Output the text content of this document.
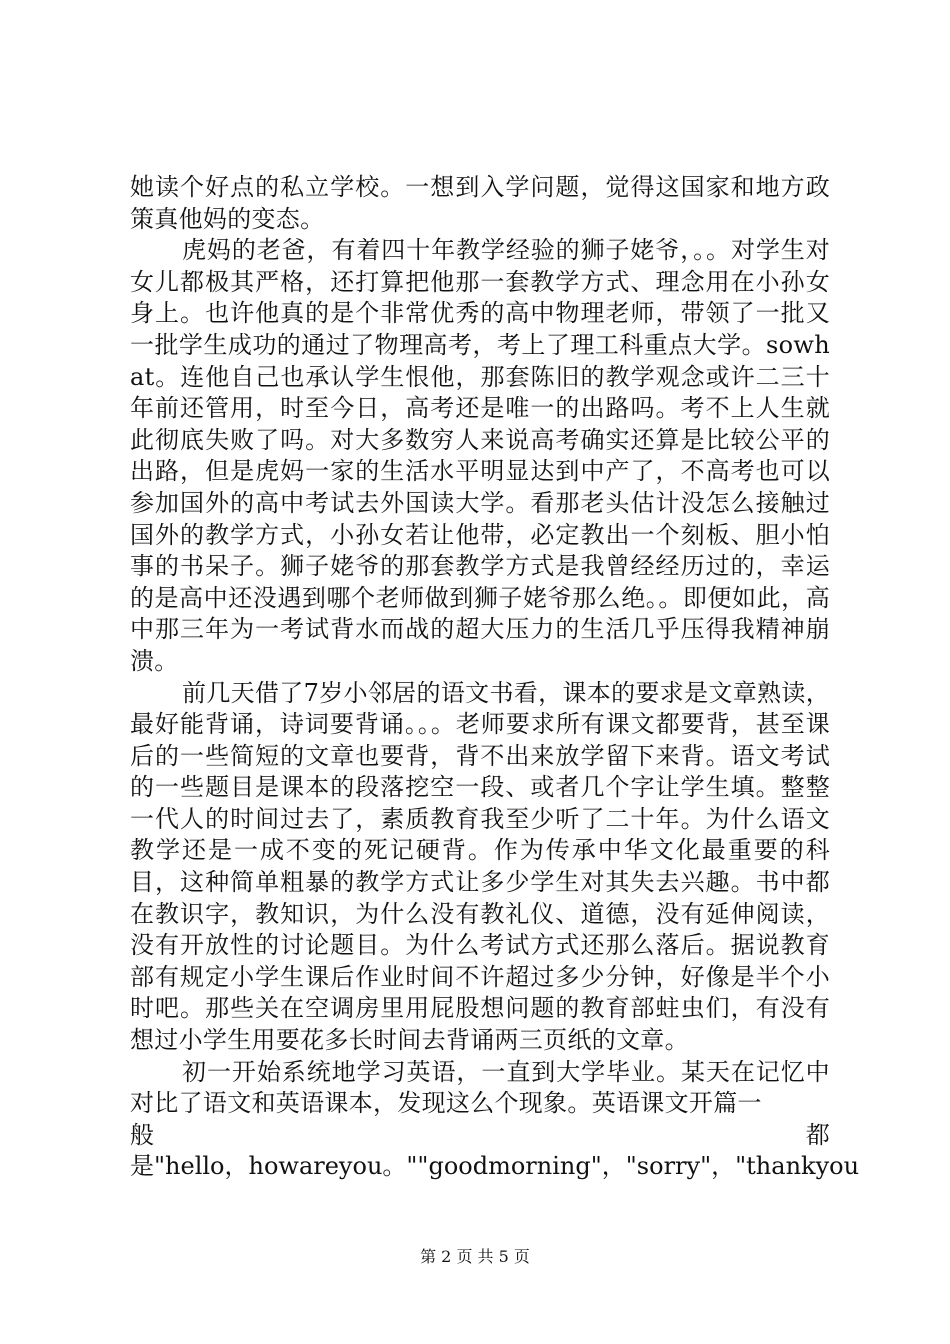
她读个好点的私立学校。一想到入学问题，觉得这国家和地方政策真他妈的变态。

虎妈的老爸，有着四十年教学经验的狮子姥爷，。。对学生对女儿都极其严格，还打算把他那一套教学方式、理念用在小孙女身上。也许他真的是个非常优秀的高中物理老师，带领了一批又一批学生成功的通过了物理高考，考上了理工科重点大学。sowhat。连他自己也承认学生恨他，那套陈旧的教学观念或许二三十年前还管用，时至今日，高考还是唯一的出路吗。考不上人生就此彻底失败了吗。对大多数穷人来说高考确实还算是比较公平的出路，但是虎妈一家的生活水平明显达到中产了，不高考也可以参加国外的高中考试去外国读大学。看那老头估计没怎么接触过国外的教学方式，小孙女若让他带，必定教出一个刻板、胆小怕事的书呆子。狮子姥爷的那套教学方式是我曾经经历过的，幸运的是高中还没遇到哪个老师做到狮子姥爷那么绝。。即便如此，高中那三年为一考试背水而战的超大压力的生活几乎压得我精神崩溃。

前几天借了7岁小邻居的语文书看，课本的要求是文章熟读，最好能背诵，诗词要背诵。。。老师要求所有课文都要背，甚至课后的一些简短的文章也要背，背不出来放学留下来背。语文考试的一些题目是课本的段落挖空一段、或者几个字让学生填。整整一代人的时间过去了，素质教育我至少听了二十年。为什么语文教学还是一成不变的死记硬背。作为传承中华文化最重要的科目，这种简单粗暴的教学方式让多少学生对其失去兴趣。书中都在教识字，教知识，为什么没有教礼仪、道德，没有延伸阅读，没有开放性的讨论题目。为什么考试方式还那么落后。据说教育部有规定小学生课后作业时间不许超过多少分钟，好像是半个小时吧。那些关在空调房里用屁股想问题的教育部蛀虫们，有没有想过小学生用要花多长时间去背诵两三页纸的文章。

初一开始系统地学习英语，一直到大学毕业。某天在记忆中对比了语文和英语课本，发现这么个现象。英语课文开篇一

般	都

是"hello，howareyou。""goodmorning"，"sorry"，"thankyou

第 2 页 共 5 页
